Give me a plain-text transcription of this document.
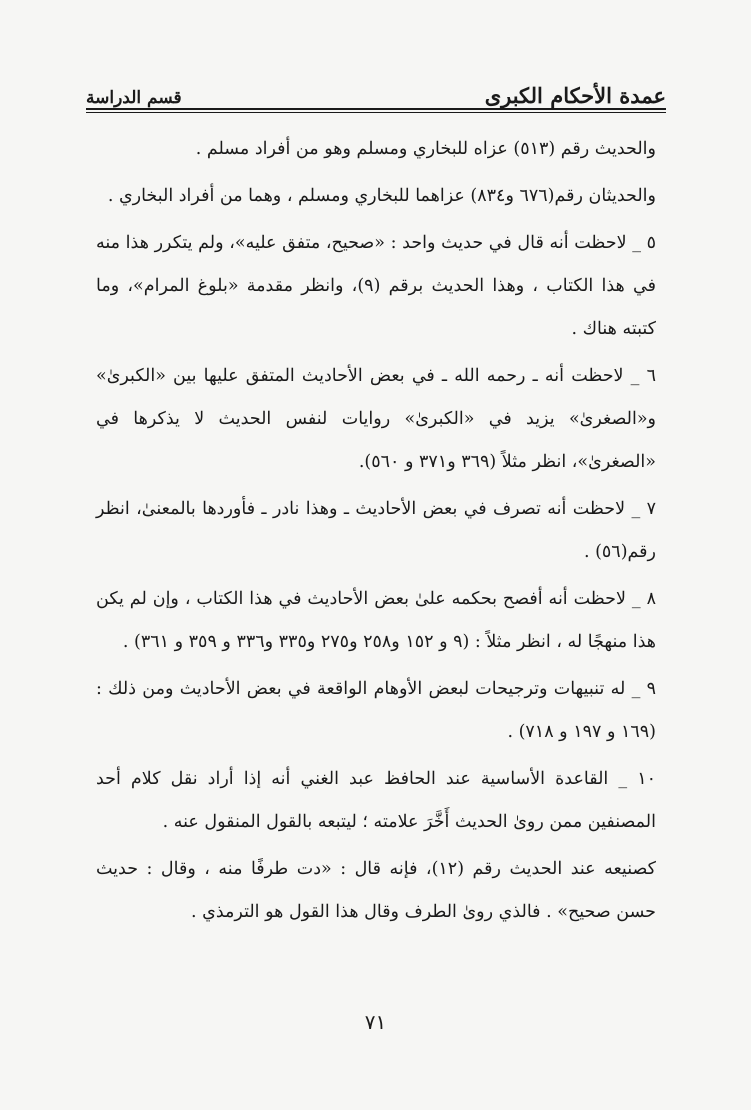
عمدة الأحكام الكبرى
قسم الدراسة

والحديث رقم (٥١٣) عزاه للبخاري ومسلم وهو من أفراد مسلم .

والحديثان رقم(٦٧٦ و٨٣٤) عزاهما للبخاري ومسلم ، وهما من أفراد البخاري .

٥ _ لاحظت أنه قال في حديث واحد : «صحيح، متفق عليه»، ولم يتكرر هذا منه في هذا الكتاب ، وهذا الحديث برقم (٩)، وانظر مقدمة «بلوغ المرام»، وما كتبته هناك .

٦ _ لاحظت أنه ـ رحمه الله ـ في بعض الأحاديث المتفق عليها بين «الكبرىٰ» و«الصغرىٰ» يزيد في «الكبرىٰ» روايات لنفس الحديث لا يذكرها في «الصغرىٰ»، انظر مثلاً (٣٦٩ و٣٧١ و ٥٦٠).

٧ _ لاحظت أنه تصرف في بعض الأحاديث ـ وهذا نادر ـ فأوردها بالمعنىٰ، انظر رقم(٥٦) .

٨ _ لاحظت أنه أفصح بحكمه علىٰ بعض الأحاديث في هذا الكتاب ، وإن لم يكن هذا منهجًا له ، انظر مثلاً : (٩ و ١٥٢ و٢٥٨ و٢٧٥ و٣٣٥ و٣٣٦ و ٣٥٩ و ٣٦١) .

٩ _ له تنبيهات وترجيحات لبعض الأوهام الواقعة في بعض الأحاديث ومن ذلك : (١٦٩ و ١٩٧ و ٧١٨) .

١٠ _ القاعدة الأساسية عند الحافظ عبد الغني أنه إذا أراد نقل كلام أحد المصنفين ممن روىٰ الحديث أَخَّرَ علامته ؛ ليتبعه بالقول المنقول عنه .

كصنيعه عند الحديث رقم (١٢)، فإنه قال : «دت طرفًا منه ، وقال : حديث حسن صحيح» . فالذي روىٰ الطرف وقال هذا القول هو الترمذي .

٧١
